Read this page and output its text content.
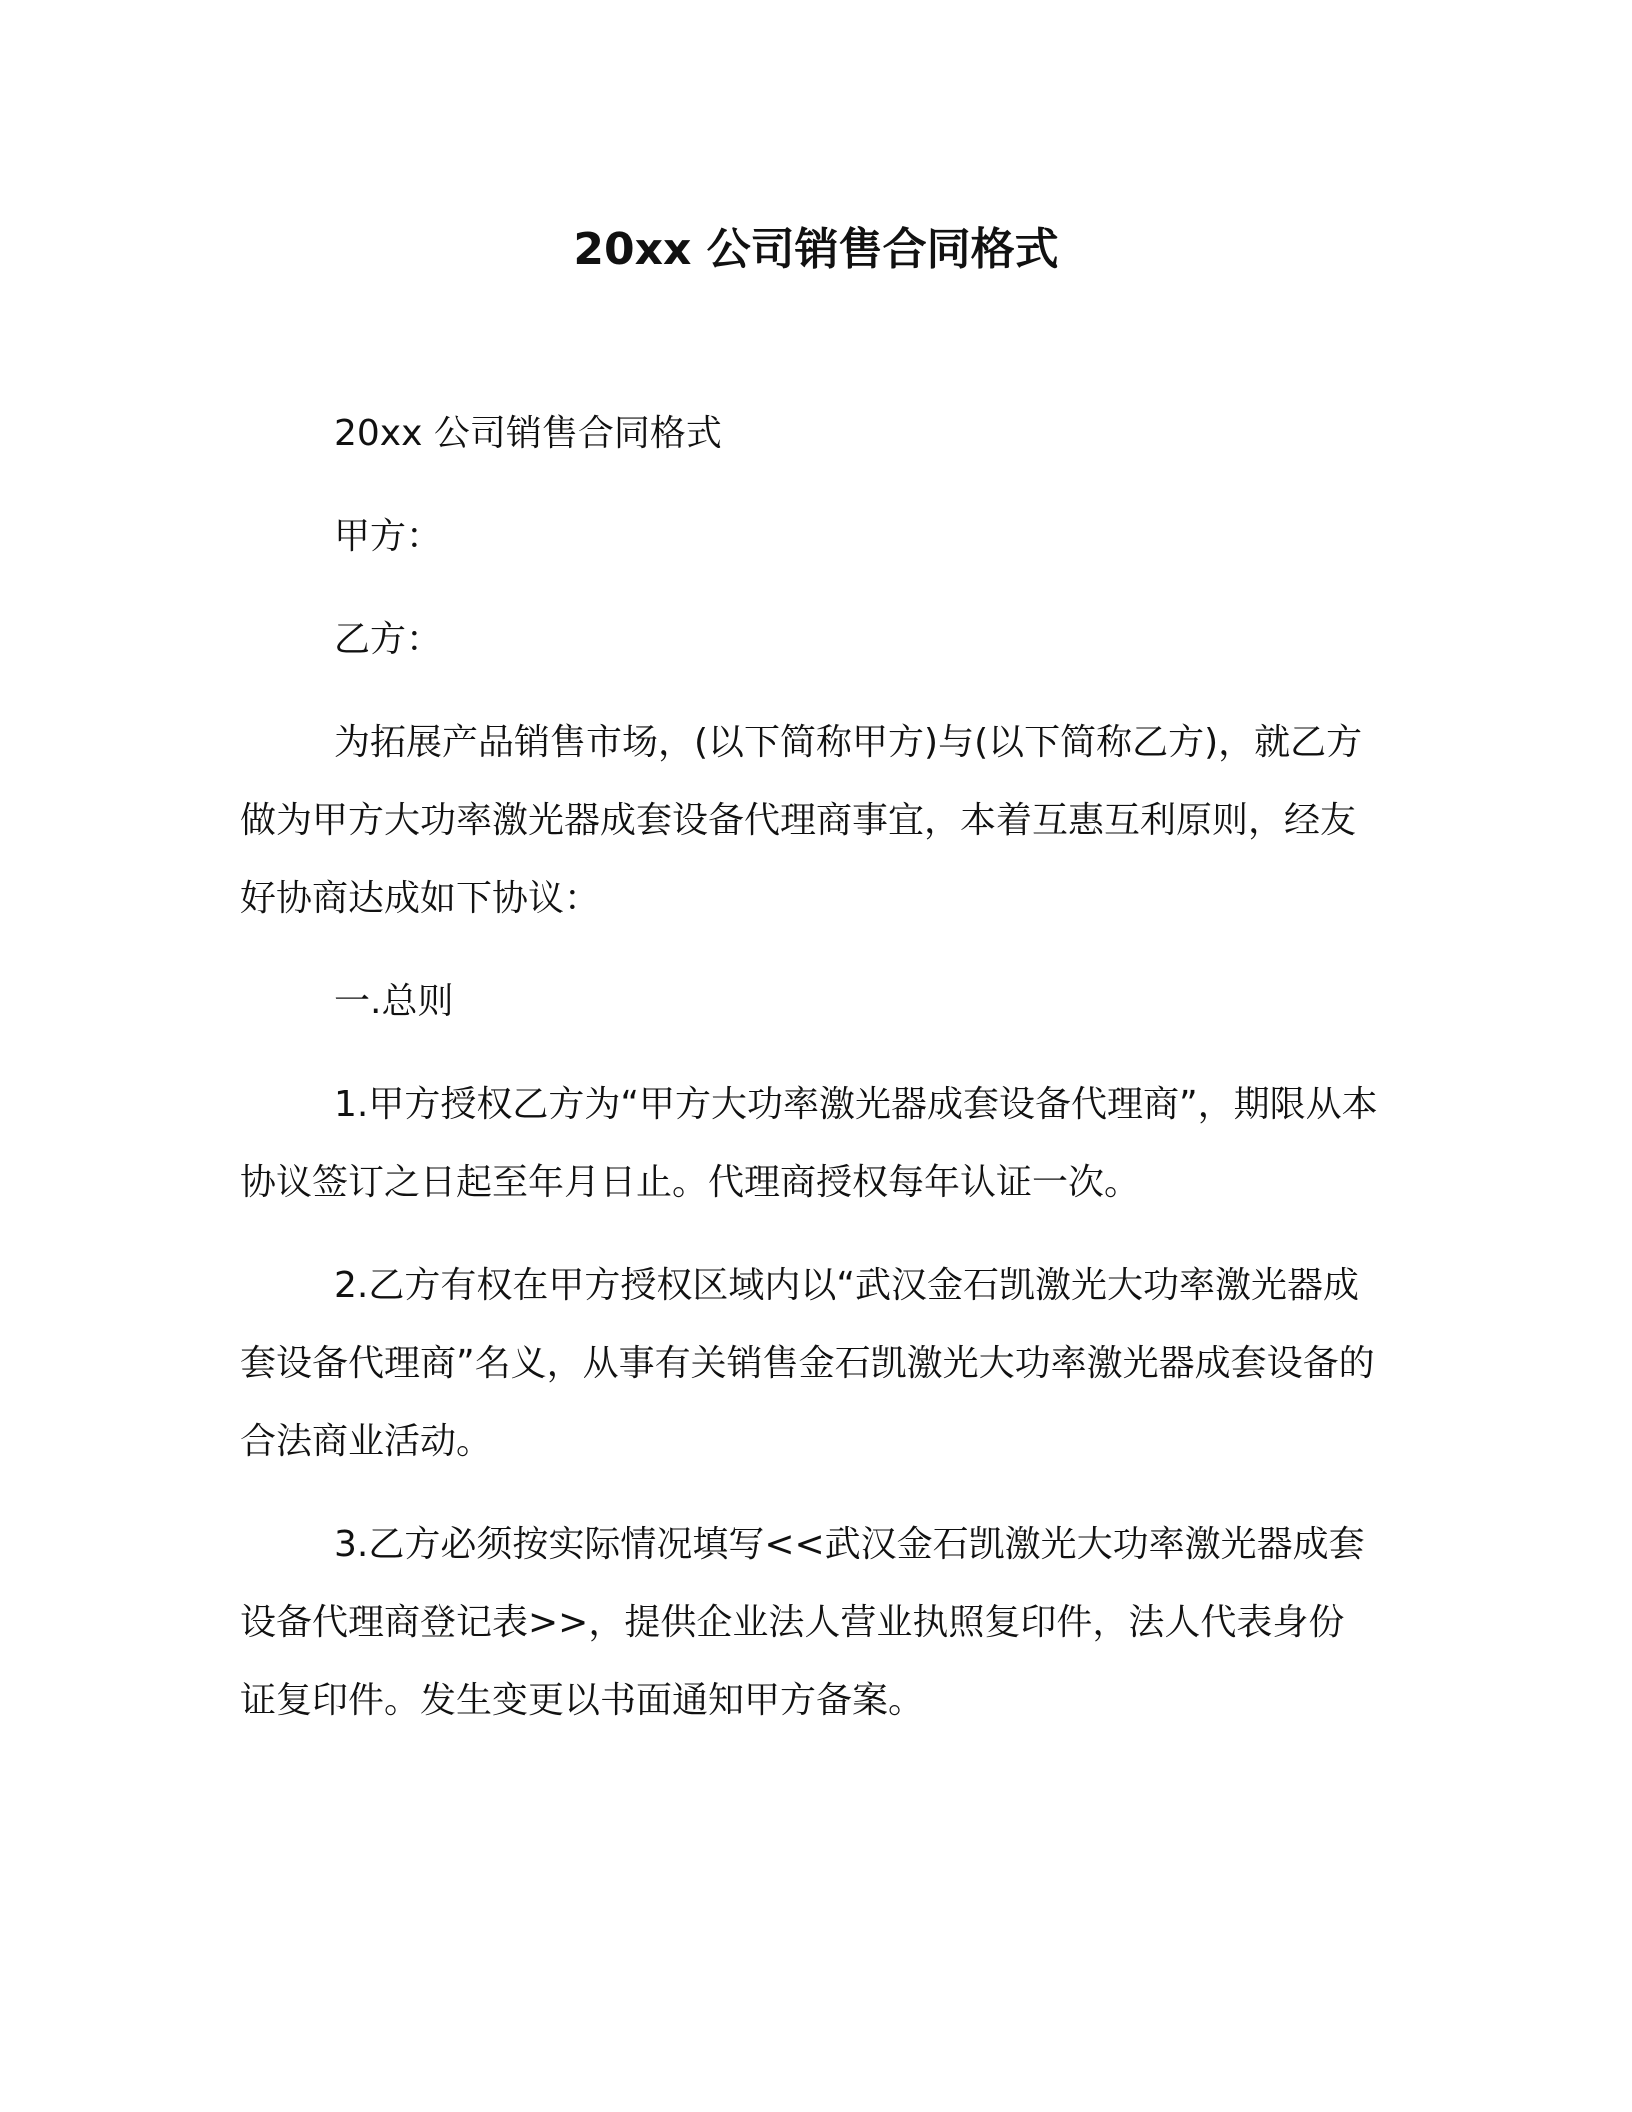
20xx 公司销售合同格式

20xx 公司销售合同格式

甲方：

乙方：

为拓展产品销售市场，(以下简称甲方)与(以下简称乙方)，就乙方做为甲方大功率激光器成套设备代理商事宜，本着互惠互利原则，经友好协商达成如下协议：

一.总则

1.甲方授权乙方为“甲方大功率激光器成套设备代理商”，期限从本协议签订之日起至年月日止。代理商授权每年认证一次。

2.乙方有权在甲方授权区域内以“武汉金石凯激光大功率激光器成套设备代理商”名义，从事有关销售金石凯激光大功率激光器成套设备的合法商业活动。

3.乙方必须按实际情况填写<<武汉金石凯激光大功率激光器成套设备代理商登记表>>，提供企业法人营业执照复印件，法人代表身份证复印件。发生变更以书面通知甲方备案。
